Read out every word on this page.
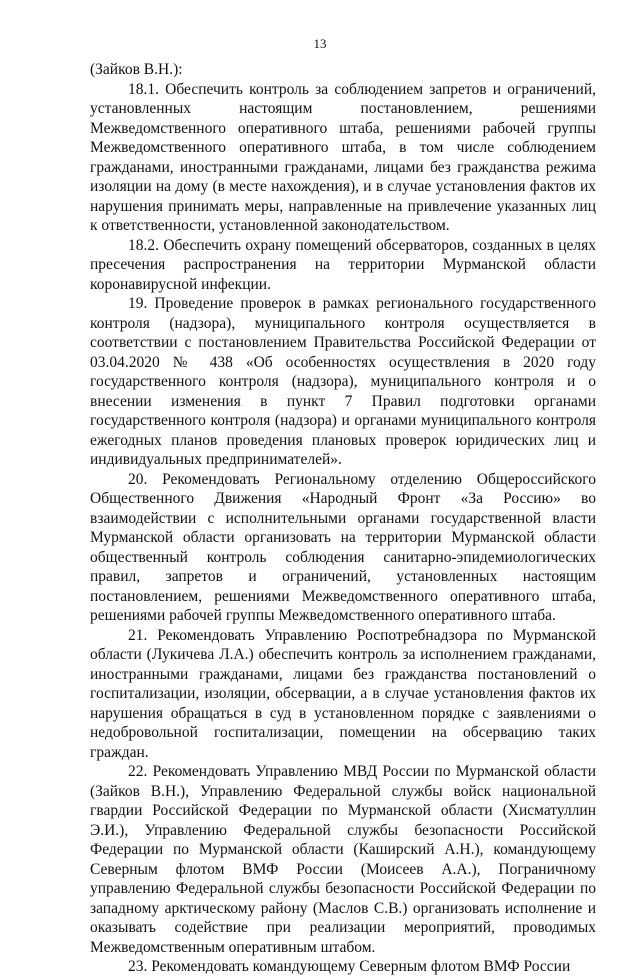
13

(Зайков В.Н.):

18.1. Обеспечить контроль за соблюдением запретов и ограничений, установленных настоящим постановлением, решениями Межведомственного оперативного штаба, решениями рабочей группы Межведомственного оперативного штаба, в том числе соблюдением гражданами, иностранными гражданами, лицами без гражданства режима изоляции на дому (в месте нахождения), и в случае установления фактов их нарушения принимать меры, направленные на привлечение указанных лиц к ответственности, установленной законодательством.

18.2. Обеспечить охрану помещений обсерваторов, созданных в целях пресечения распространения на территории Мурманской области коронавирусной инфекции.

19. Проведение проверок в рамках регионального государственного контроля (надзора), муниципального контроля осуществляется в соответствии с постановлением Правительства Российской Федерации от 03.04.2020 № 438 «Об особенностях осуществления в 2020 году государственного контроля (надзора), муниципального контроля и о внесении изменения в пункт 7 Правил подготовки органами государственного контроля (надзора) и органами муниципального контроля ежегодных планов проведения плановых проверок юридических лиц и индивидуальных предпринимателей».

20. Рекомендовать Региональному отделению Общероссийского Общественного Движения «Народный Фронт «За Россию» во взаимодействии с исполнительными органами государственной власти Мурманской области организовать на территории Мурманской области общественный контроль соблюдения санитарно-эпидемиологических правил, запретов и ограничений, установленных настоящим постановлением, решениями Межведомственного оперативного штаба, решениями рабочей группы Межведомственного оперативного штаба.

21. Рекомендовать Управлению Роспотребнадзора по Мурманской области (Лукичева Л.А.) обеспечить контроль за исполнением гражданами, иностранными гражданами, лицами без гражданства постановлений о госпитализации, изоляции, обсервации, а в случае установления фактов их нарушения обращаться в суд в установленном порядке с заявлениями о недобровольной госпитализации, помещении на обсервацию таких граждан.

22. Рекомендовать Управлению МВД России по Мурманской области (Зайков В.Н.), Управлению Федеральной службы войск национальной гвардии Российской Федерации по Мурманской области (Хисматуллин Э.И.), Управлению Федеральной службы безопасности Российской Федерации по Мурманской области (Каширский А.Н.), командующему Северным флотом ВМФ России (Моисеев А.А.), Пограничному управлению Федеральной службы безопасности Российской Федерации по западному арктическому району (Маслов С.В.) организовать исполнение и оказывать содействие при реализации мероприятий, проводимых Межведомственным оперативным штабом.

23. Рекомендовать командующему Северным флотом ВМФ России
